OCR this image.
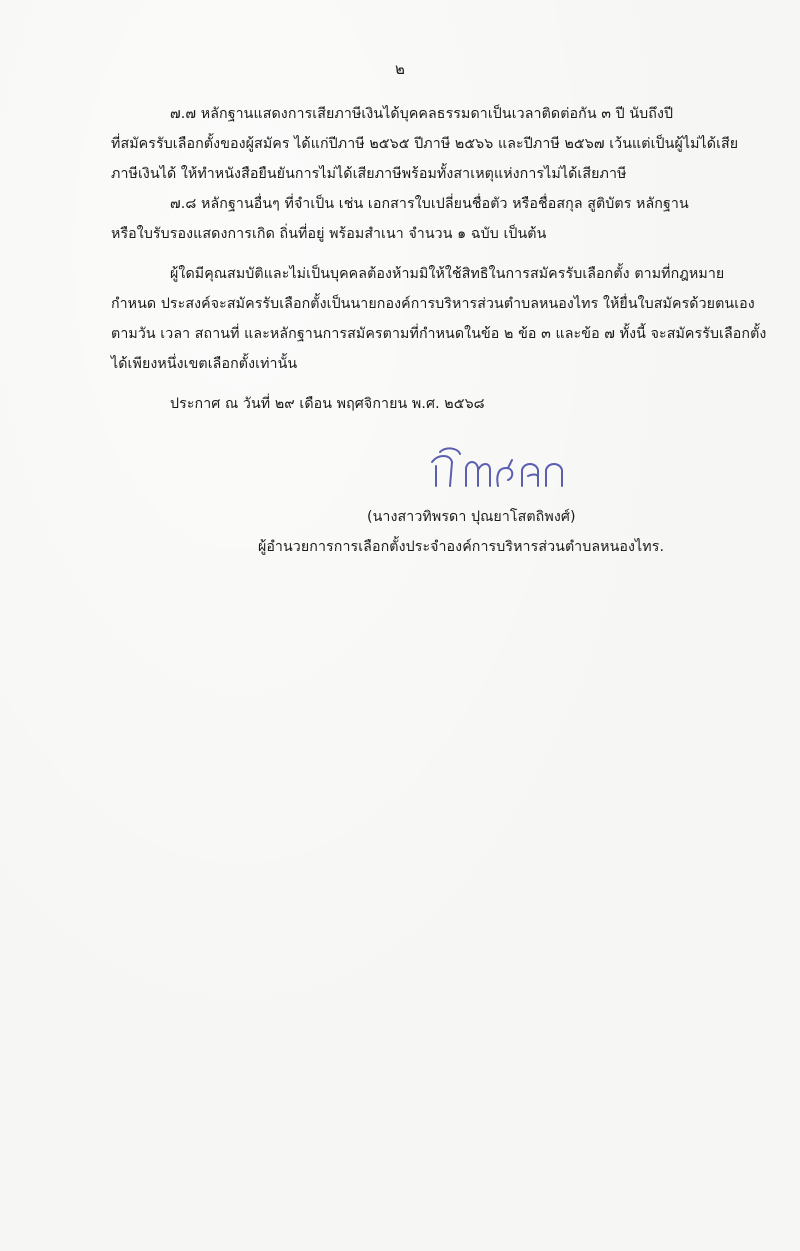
๒
๗.๗ หลักฐานแสดงการเสียภาษีเงินได้บุคคลธรรมดาเป็นเวลาติดต่อกัน ๓ ปี นับถึงปี
ที่สมัครรับเลือกตั้งของผู้สมัคร ได้แก่ปีภาษี ๒๕๖๕ ปีภาษี ๒๕๖๖ และปีภาษี ๒๕๖๗ เว้นแต่เป็นผู้ไม่ได้เสีย
ภาษีเงินได้ ให้ทำหนังสือยืนยันการไม่ได้เสียภาษีพร้อมทั้งสาเหตุแห่งการไม่ได้เสียภาษี
๗.๘ หลักฐานอื่นๆ ที่จำเป็น เช่น เอกสารใบเปลี่ยนชื่อตัว หรือชื่อสกุล สูติบัตร หลักฐาน
หรือใบรับรองแสดงการเกิด ถิ่นที่อยู่ พร้อมสำเนา จำนวน ๑ ฉบับ เป็นต้น
ผู้ใดมีคุณสมบัติและไม่เป็นบุคคลต้องห้ามมิให้ใช้สิทธิในการสมัครรับเลือกตั้ง ตามที่กฎหมาย
กำหนด ประสงค์จะสมัครรับเลือกตั้งเป็นนายกองค์การบริหารส่วนตำบลหนองไทร ให้ยื่นใบสมัครด้วยตนเอง
ตามวัน เวลา สถานที่ และหลักฐานการสมัครตามที่กำหนดในข้อ ๒ ข้อ ๓ และข้อ ๗ ทั้งนี้ จะสมัครรับเลือกตั้ง
ได้เพียงหนึ่งเขตเลือกตั้งเท่านั้น
ประกาศ ณ วันที่ ๒๙ เดือน พฤศจิกายน พ.ศ. ๒๕๖๘
(นางสาวทิพรดา ปุณยาโสตถิพงศ์)
ผู้อำนวยการการเลือกตั้งประจำองค์การบริหารส่วนตำบลหนองไทร.
